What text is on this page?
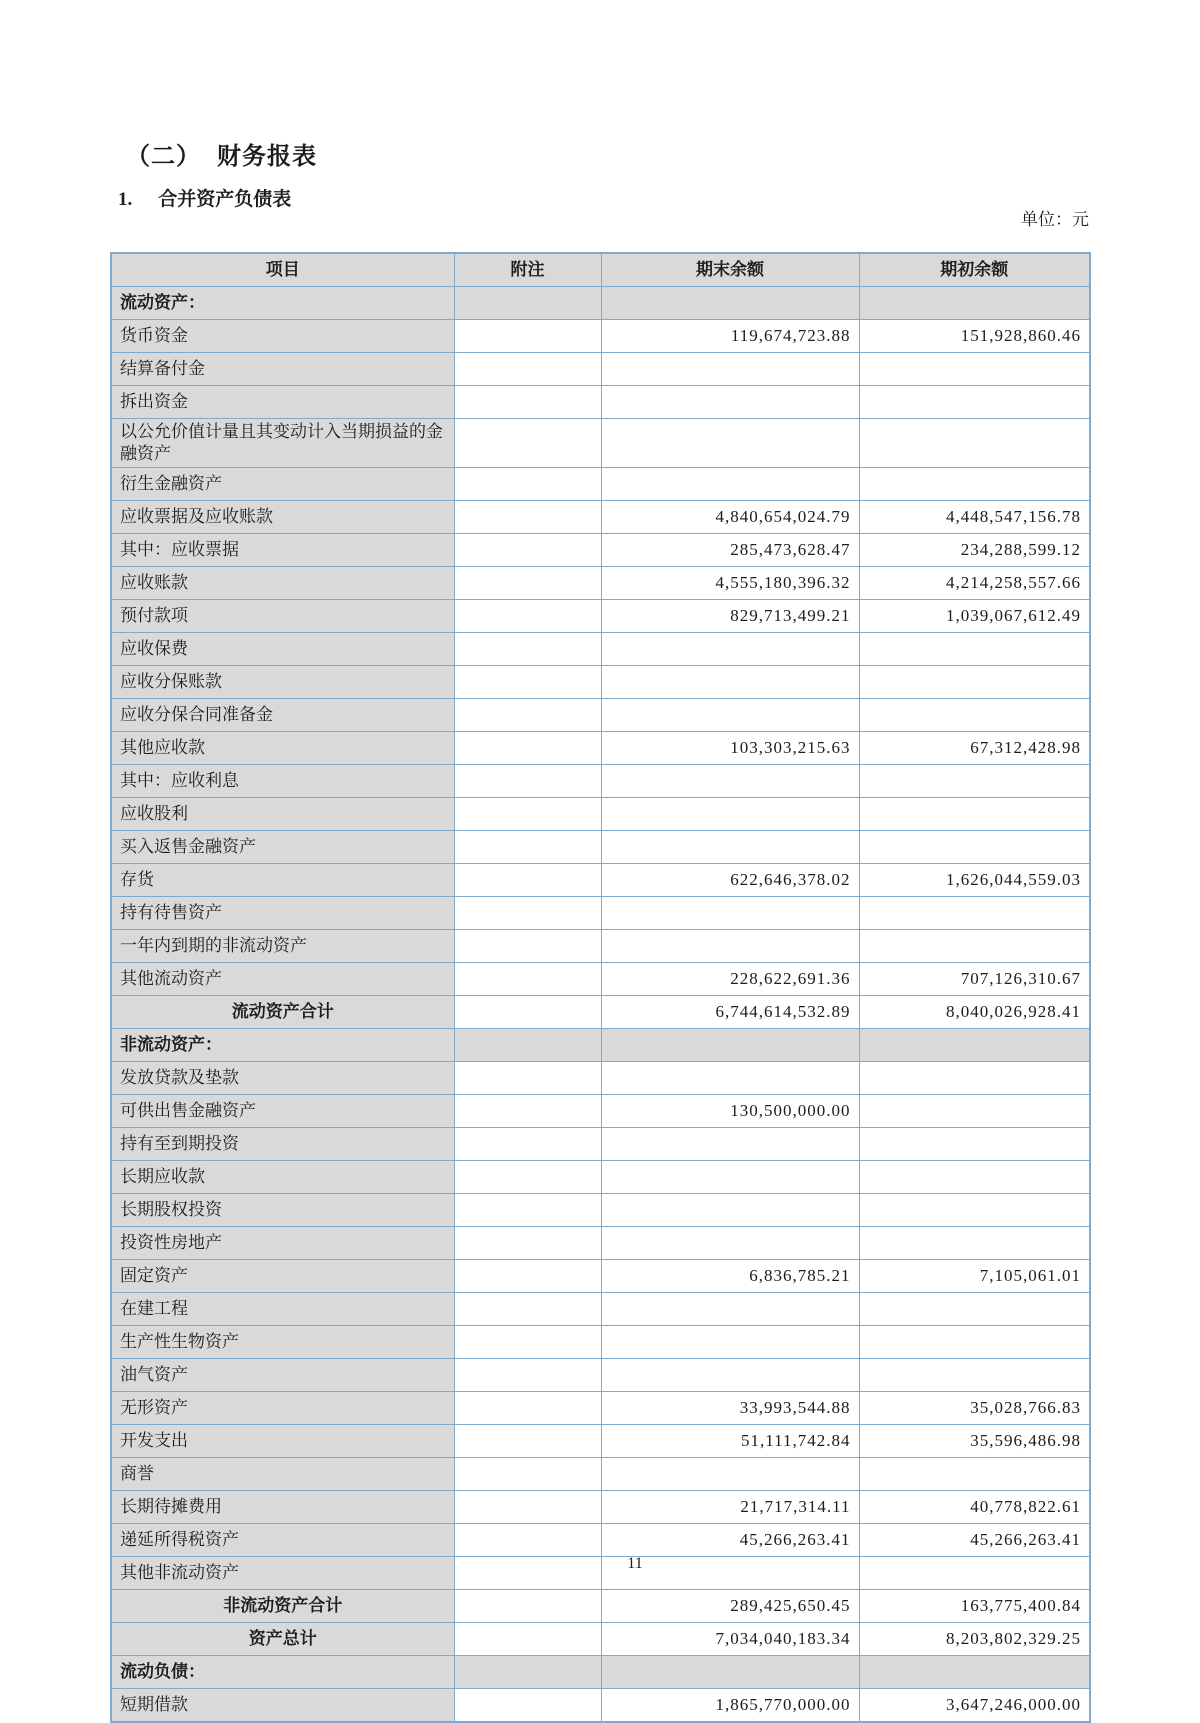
（二） 财务报表
1. 合并资产负债表
单位：元
项目	附注	期末余额	期初余额
流动资产：			
货币资金		119,674,723.88	151,928,860.46
结算备付金			
拆出资金			
以公允价值计量且其变动计入当期损益的金融资产			
衍生金融资产			
应收票据及应收账款		4,840,654,024.79	4,448,547,156.78
其中：应收票据		285,473,628.47	234,288,599.12
应收账款		4,555,180,396.32	4,214,258,557.66
预付款项		829,713,499.21	1,039,067,612.49
应收保费			
应收分保账款			
应收分保合同准备金			
其他应收款		103,303,215.63	67,312,428.98
其中：应收利息			
应收股利			
买入返售金融资产			
存货		622,646,378.02	1,626,044,559.03
持有待售资产			
一年内到期的非流动资产			
其他流动资产		228,622,691.36	707,126,310.67
流动资产合计		6,744,614,532.89	8,040,026,928.41
非流动资产：			
发放贷款及垫款			
可供出售金融资产		130,500,000.00	
持有至到期投资			
长期应收款			
长期股权投资			
投资性房地产			
固定资产		6,836,785.21	7,105,061.01
在建工程			
生产性生物资产			
油气资产			
无形资产		33,993,544.88	35,028,766.83
开发支出		51,111,742.84	35,596,486.98
商誉			
长期待摊费用		21,717,314.11	40,778,822.61
递延所得税资产		45,266,263.41	45,266,263.41
其他非流动资产			
非流动资产合计		289,425,650.45	163,775,400.84
资产总计		7,034,040,183.34	8,203,802,329.25
流动负债：			
短期借款		1,865,770,000.00	3,647,246,000.00
11
